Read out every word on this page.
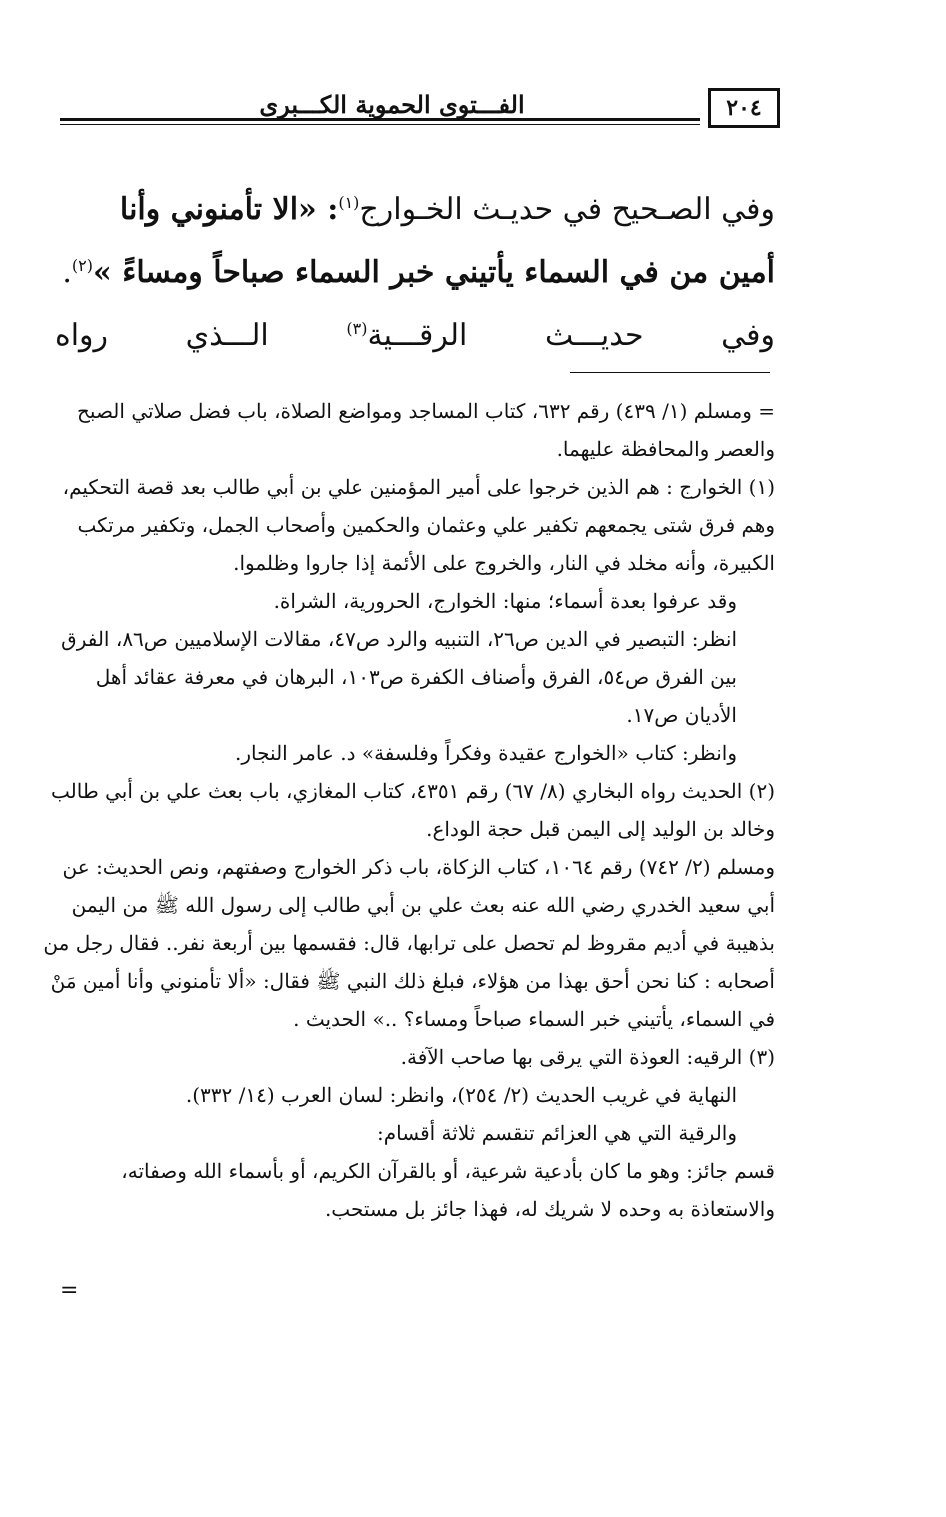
٢٠٤
الفـــتوى الحموية الكـــبرى

وفي الصـحيح في حديـث الخـوارج$^{(١)}$: «الا تأمنوني وأنا أمين من في السماء يأتيني خبر السماء صباحاً ومساءً »$^{(٢)}$.

وفي حديـــث الرقـــية$^{(٣)}$ الـــذي رواه

= ومسلم (١/ ٤٣٩) رقم ٦٣٢، كتاب المساجد ومواضع الصلاة، باب فضل صلاتي الصبح والعصر والمحافظة عليهما.

(١) الخوارج : هم الذين خرجوا على أمير المؤمنين علي بن أبي طالب بعد قصة التحكيم، وهم فرق شتى يجمعهم تكفير علي وعثمان والحكمين وأصحاب الجمل، وتكفير مرتكب الكبيرة، وأنه مخلد في النار، والخروج على الأئمة إذا جاروا وظلموا.

وقد عرفوا بعدة أسماء؛ منها: الخوارج، الحرورية، الشراة.

انظر: التبصير في الدين ص٢٦، التنبيه والرد ص٤٧، مقالات الإسلاميين ص٨٦، الفرق بين الفرق ص٥٤، الفرق وأصناف الكفرة ص١٠٣، البرهان في معرفة عقائد أهل الأديان ص١٧.

وانظر: كتاب «الخوارج عقيدة وفكراً وفلسفة» د. عامر النجار.

(٢) الحديث رواه البخاري (٨/ ٦٧) رقم ٤٣٥١، كتاب المغازي، باب بعث علي بن أبي طالب وخالد بن الوليد إلى اليمن قبل حجة الوداع.

ومسلم (٢/ ٧٤٢) رقم ١٠٦٤، كتاب الزكاة، باب ذكر الخوارج وصفتهم، ونص الحديث: عن أبي سعيد الخدري رضي الله عنه بعث علي بن أبي طالب إلى رسول الله ﷺ من اليمن بذهيبة في أديم مقروظ لم تحصل على ترابها، قال: فقسمها بين أربعة نفر.. فقال رجل من أصحابه : كنا نحن أحق بهذا من هؤلاء، فبلغ ذلك النبي ﷺ فقال: «ألا تأمنوني وأنا أمين مَنْ في السماء، يأتيني خبر السماء صباحاً ومساء؟ ..» الحديث .

(٣) الرقيه: العوذة التي يرقى بها صاحب الآفة.

النهاية في غريب الحديث (٢/ ٢٥٤)، وانظر: لسان العرب (١٤/ ٣٣٢).

والرقية التي هي العزائم تنقسم ثلاثة أقسام:

قسم جائز: وهو ما كان بأدعية شرعية، أو بالقرآن الكريم، أو بأسماء الله وصفاته، والاستعاذة به وحده لا شريك له، فهذا جائز بل مستحب.

=
